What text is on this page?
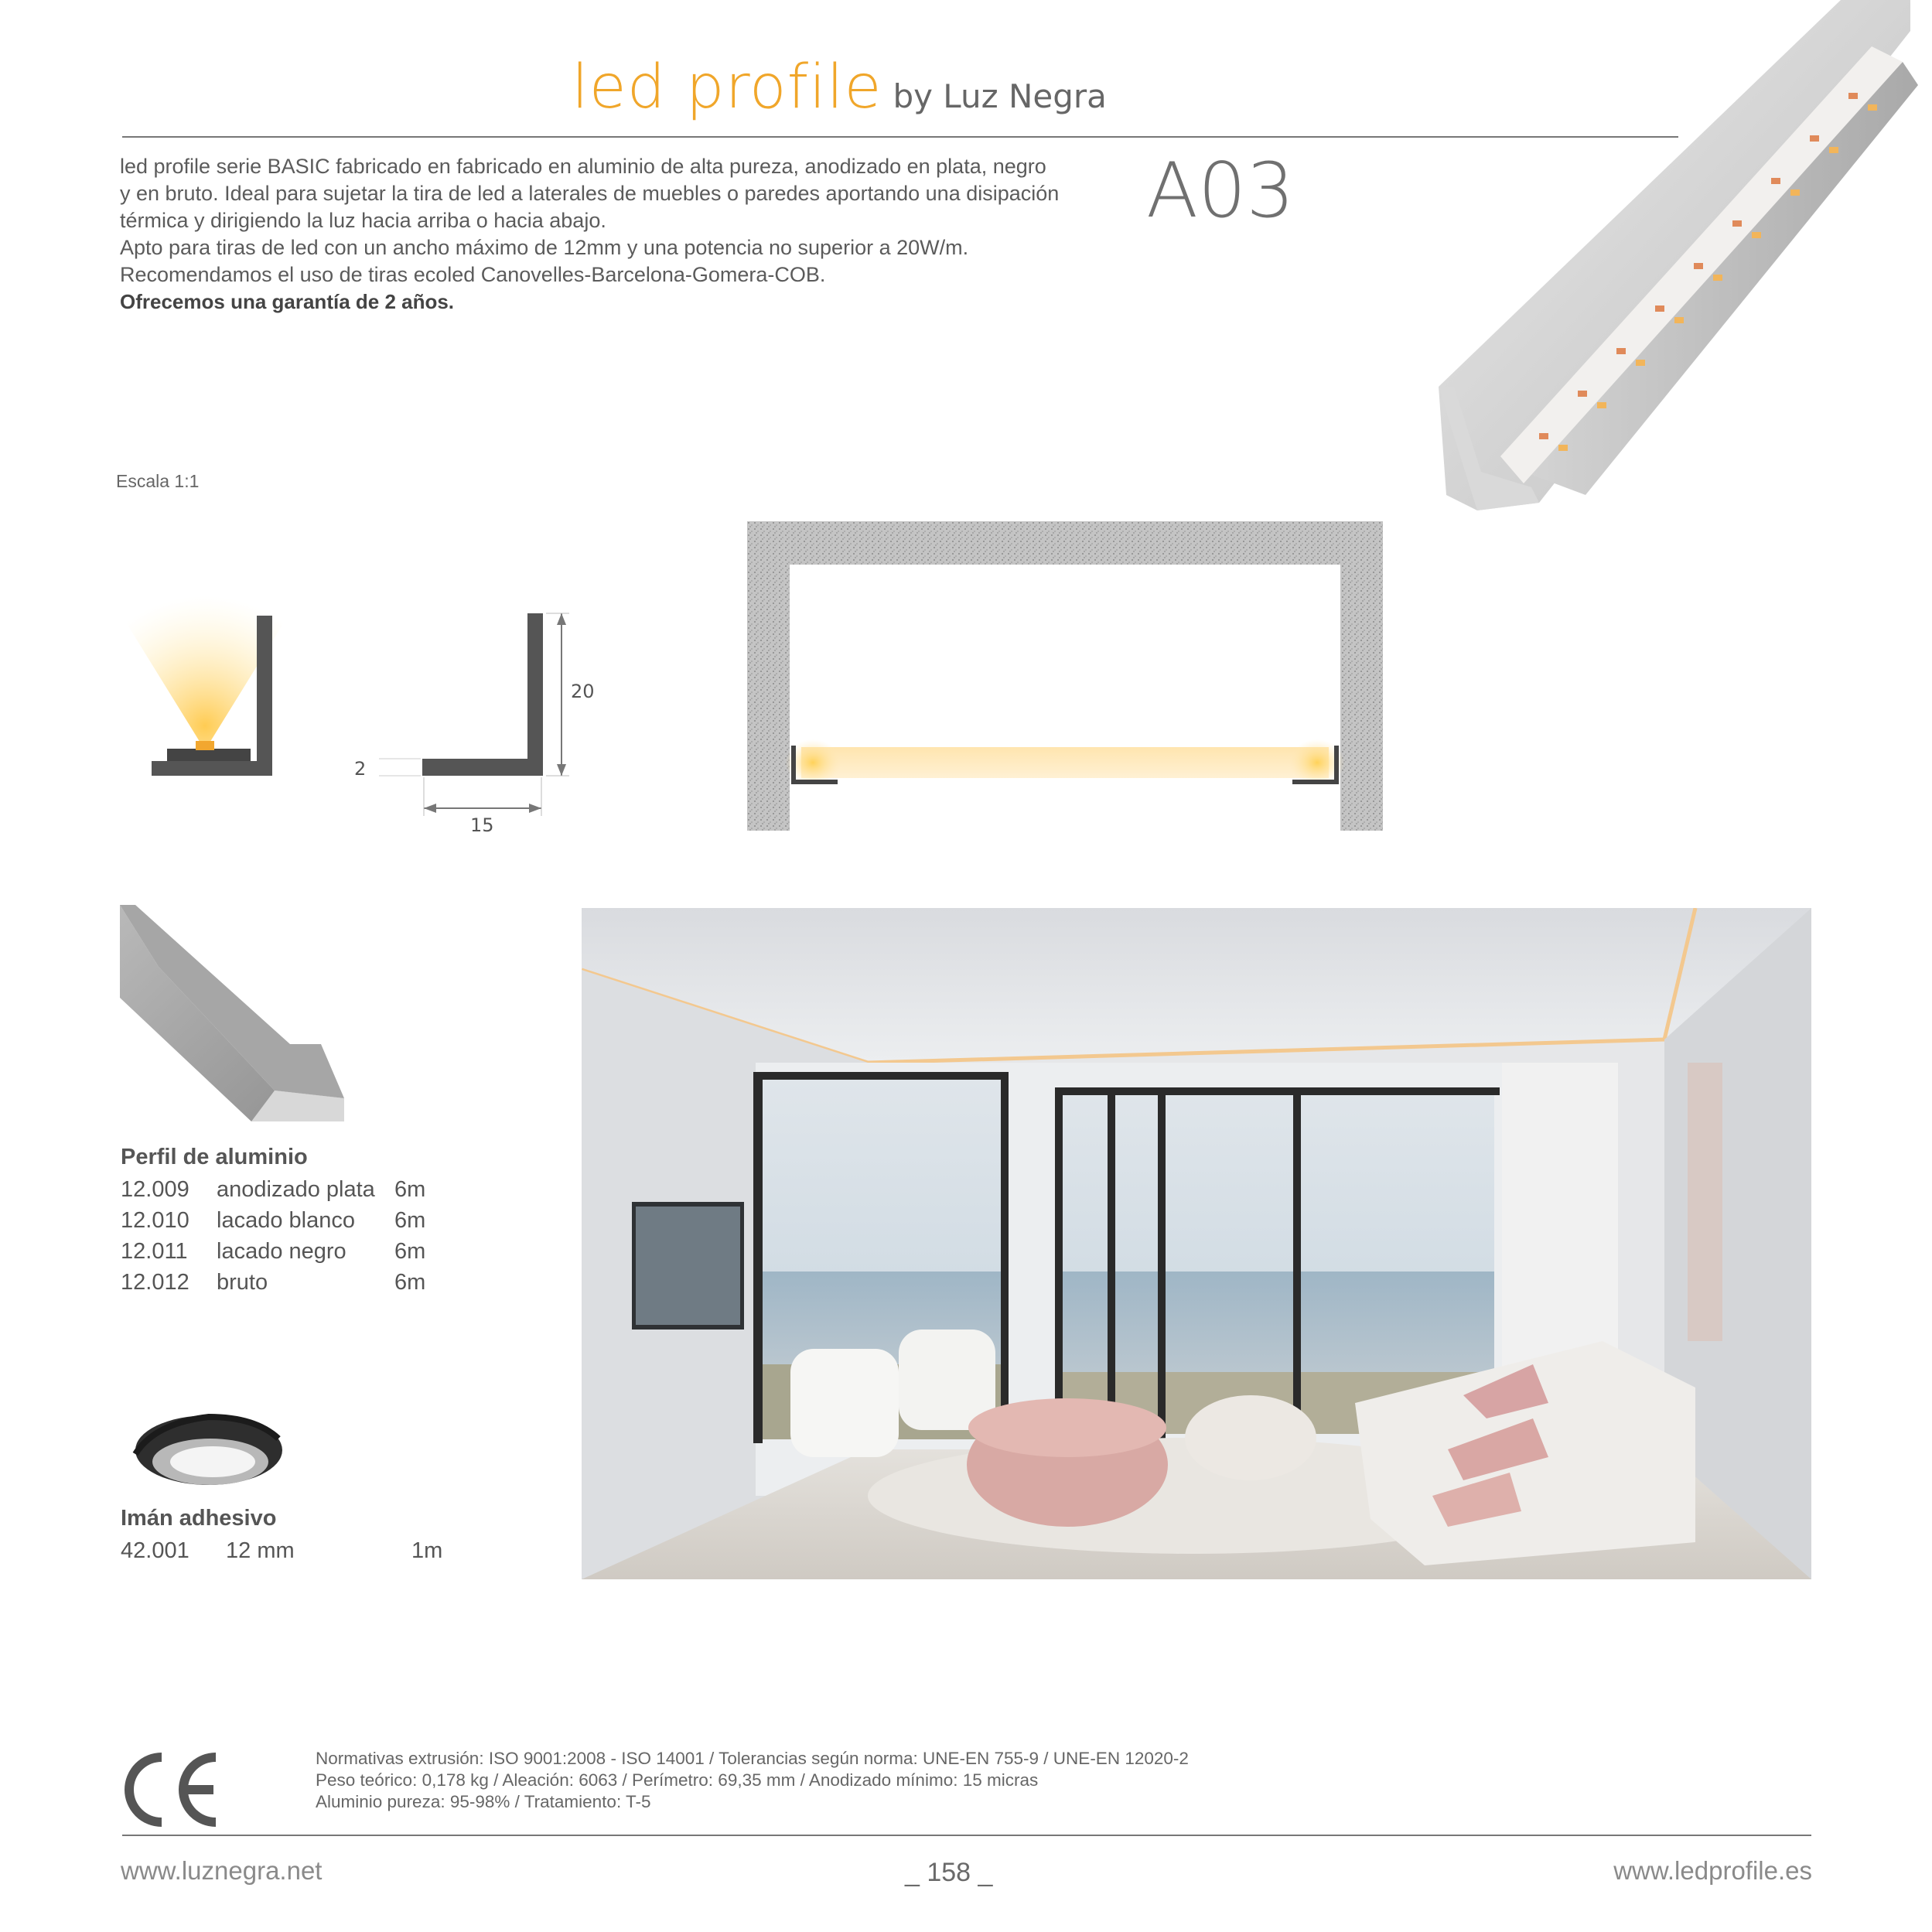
led profile by Luz Negra

led profile serie BASIC fabricado en fabricado en aluminio de alta pureza, anodizado en plata, negro

y en bruto. Ideal para sujetar la tira de led a laterales de muebles o paredes aportando una disipación

térmica y dirigiendo la luz hacia arriba o hacia abajo.

Apto para tiras de led con un ancho máximo de 12mm y una potencia no superior a 20W/m.

Recomendamos el uso de tiras ecoled Canovelles-Barcelona-Gomera-COB.

Ofrecemos una garantía de 2 años.

A03
Escala 1:1
20
2
15
Perfil de aluminio
12.009	anodizado plata	6m
12.010	lacado blanco	6m
12.011	lacado negro	6m
12.012	bruto	6m
Imán adhesivo
42.001	12 mm	1m
Normativas extrusión: ISO 9001:2008 - ISO 14001 / Tolerancias según norma: UNE-EN 755-9 / UNE-EN 12020-2
Peso teórico: 0,178 kg / Aleación: 6063 / Perímetro: 69,35 mm / Anodizado mínimo: 15 micras
Aluminio pureza: 95-98% / Tratamiento: T-5
www.luznegra.net	_ 158 _	www.ledprofile.es
